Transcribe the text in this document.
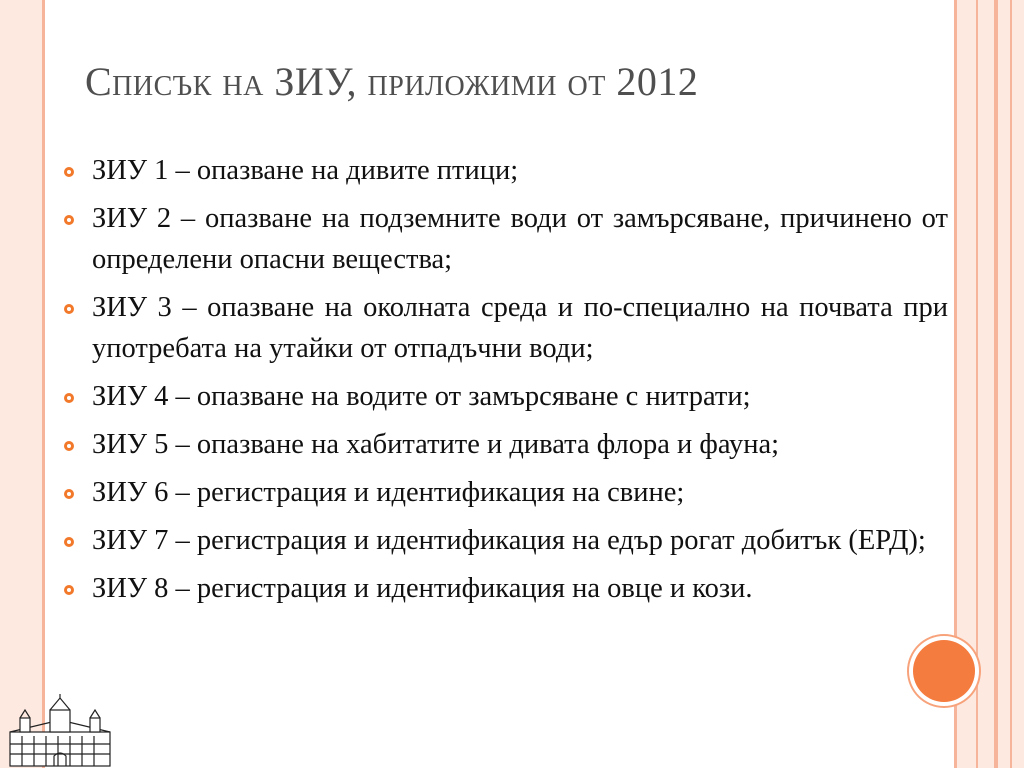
Списък на ЗИУ, приложими от 2012
ЗИУ 1 – опазване на дивите птици;
ЗИУ 2 – опазване на подземните води от замърсяване, причинено от определени опасни вещества;
ЗИУ 3 – опазване на околната среда и по-специално на почвата при употребата на утайки от отпадъчни води;
ЗИУ 4 – опазване на водите от замърсяване с нитрати;
ЗИУ 5 – опазване на хабитатите и дивата флора и фауна;
ЗИУ 6 – регистрация и идентификация на свине;
ЗИУ 7 – регистрация и идентификация на едър рогат добитък (ЕРД);
ЗИУ 8 – регистрация и идентификация на овце и кози.
